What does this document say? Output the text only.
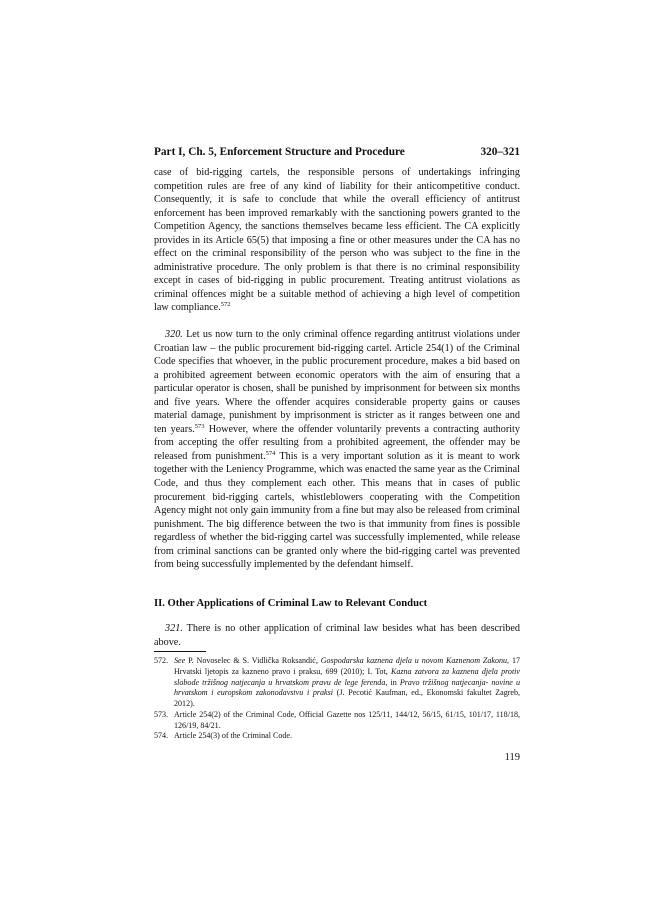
Part I, Ch. 5, Enforcement Structure and Procedure	320–321

case of bid-rigging cartels, the responsible persons of undertakings infringing competition rules are free of any kind of liability for their anticompetitive conduct. Consequently, it is safe to conclude that while the overall efficiency of antitrust enforcement has been improved remarkably with the sanctioning powers granted to the Competition Agency, the sanctions themselves became less efficient. The CA explicitly provides in its Article 65(5) that imposing a fine or other measures under the CA has no effect on the criminal responsibility of the person who was subject to the fine in the administrative procedure. The only problem is that there is no criminal responsibility except in cases of bid-rigging in public procurement. Treating antitrust violations as criminal offences might be a suitable method of achieving a high level of competition law compliance.$^{572}$

320. Let us now turn to the only criminal offence regarding antitrust violations under Croatian law – the public procurement bid-rigging cartel. Article 254(1) of the Criminal Code specifies that whoever, in the public procurement procedure, makes a bid based on a prohibited agreement between economic operators with the aim of ensuring that a particular operator is chosen, shall be punished by imprisonment for between six months and five years. Where the offender acquires considerable property gains or causes material damage, punishment by imprisonment is stricter as it ranges between one and ten years.$^{573}$ However, where the offender voluntarily prevents a contracting authority from accepting the offer resulting from a prohibited agreement, the offender may be released from punishment.$^{574}$ This is a very important solution as it is meant to work together with the Leniency Programme, which was enacted the same year as the Criminal Code, and thus they complement each other. This means that in cases of public procurement bid-rigging cartels, whistleblowers cooperating with the Competition Agency might not only gain immunity from a fine but may also be released from criminal punishment. The big difference between the two is that immunity from fines is possible regardless of whether the bid-rigging cartel was successfully implemented, while release from criminal sanctions can be granted only where the bid-rigging cartel was prevented from being successfully implemented by the defendant himself.

II. Other Applications of Criminal Law to Relevant Conduct

321. There is no other application of criminal law besides what has been described above.

572. See P. Novoselec & S. Vidlička Roksandić, Gospodarska kaznena djela u novom Kaznenom Zakonu, 17 Hrvatski ljetopis za kazneno pravo i praksu, 699 (2010); I. Tot, Kazna zatvora za kaznena djela protiv slobode tržišnog natjecanja u hrvatskom pravu de lege ferenda, in Pravo tržišnog natjecanja- novine u hrvatskom i europskom zakonodavstvu i praksi (J. Pecotić Kaufman, ed., Ekonomski fakultet Zagreb, 2012).
573. Article 254(2) of the Criminal Code, Official Gazette nos 125/11, 144/12, 56/15, 61/15, 101/17, 118/18, 126/19, 84/21.
574. Article 254(3) of the Criminal Code.
119
